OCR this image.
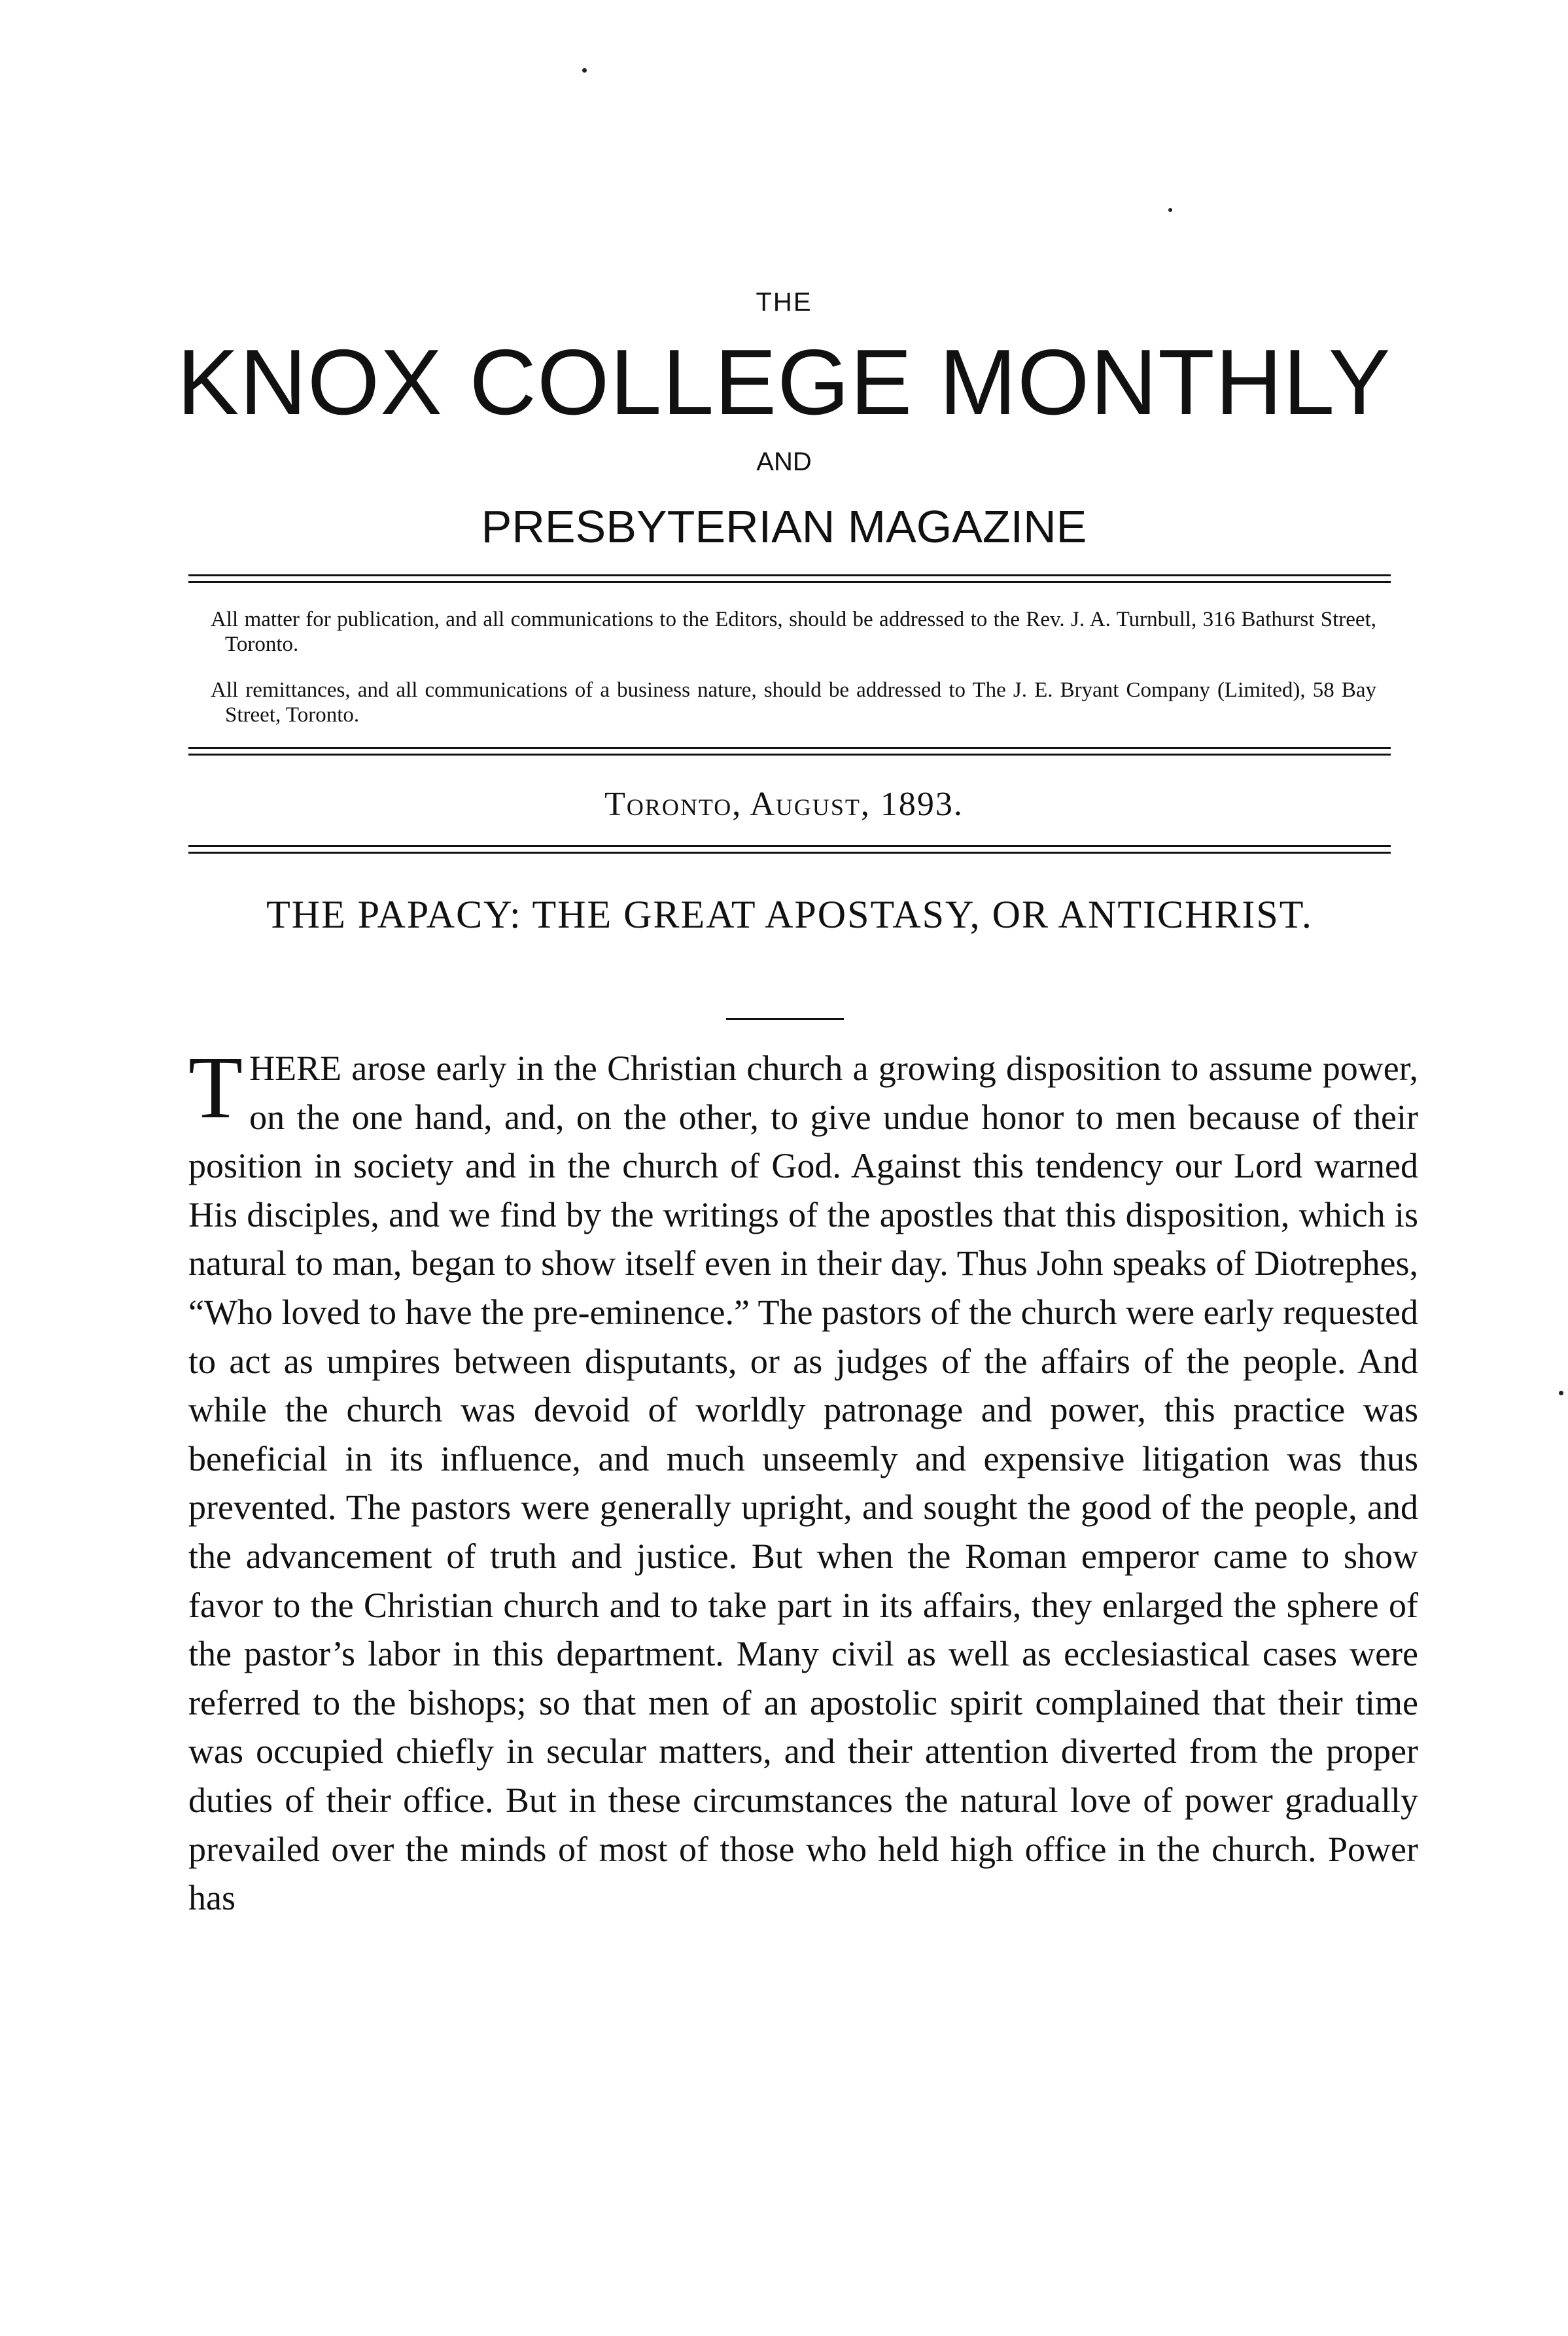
THE
KNOX COLLEGE MONTHLY
AND
PRESBYTERIAN MAGAZINE
All matter for publication, and all communications to the Editors, should be addressed to the Rev. J. A. Turnbull, 316 Bathurst Street, Toronto.
All remittances, and all communications of a business nature, should be addressed to The J. E. Bryant Company (Limited), 58 Bay Street, Toronto.
Toronto, August, 1893.
THE PAPACY: THE GREAT APOSTASY, OR ANTICHRIST.

T HERE arose early in the Christian church a growing disposition to assume power, on the one hand, and, on the other, to give undue honor to men because of their position in society and in the church of God. Against this tendency our Lord warned His disciples, and we find by the writings of the apostles that this disposition, which is natural to man, began to show itself even in their day. Thus John speaks of Diotrephes, “Who loved to have the pre-eminence.” The pastors of the church were early requested to act as umpires between disputants, or as judges of the affairs of the people. And while the church was devoid of worldly patronage and power, this practice was beneficial in its influence, and much unseemly and expensive litigation was thus prevented. The pastors were generally upright, and sought the good of the people, and the advancement of truth and justice. But when the Roman emperor came to show favor to the Christian church and to take part in its affairs, they enlarged the sphere of the pastor’s labor in this department. Many civil as well as ecclesiastical cases were referred to the bishops; so that men of an apostolic spirit complained that their time was occupied chiefly in secular matters, and their attention diverted from the proper duties of their office. But in these circumstances the natural love of power gradually prevailed over the minds of most of those who held high office in the church. Power has
